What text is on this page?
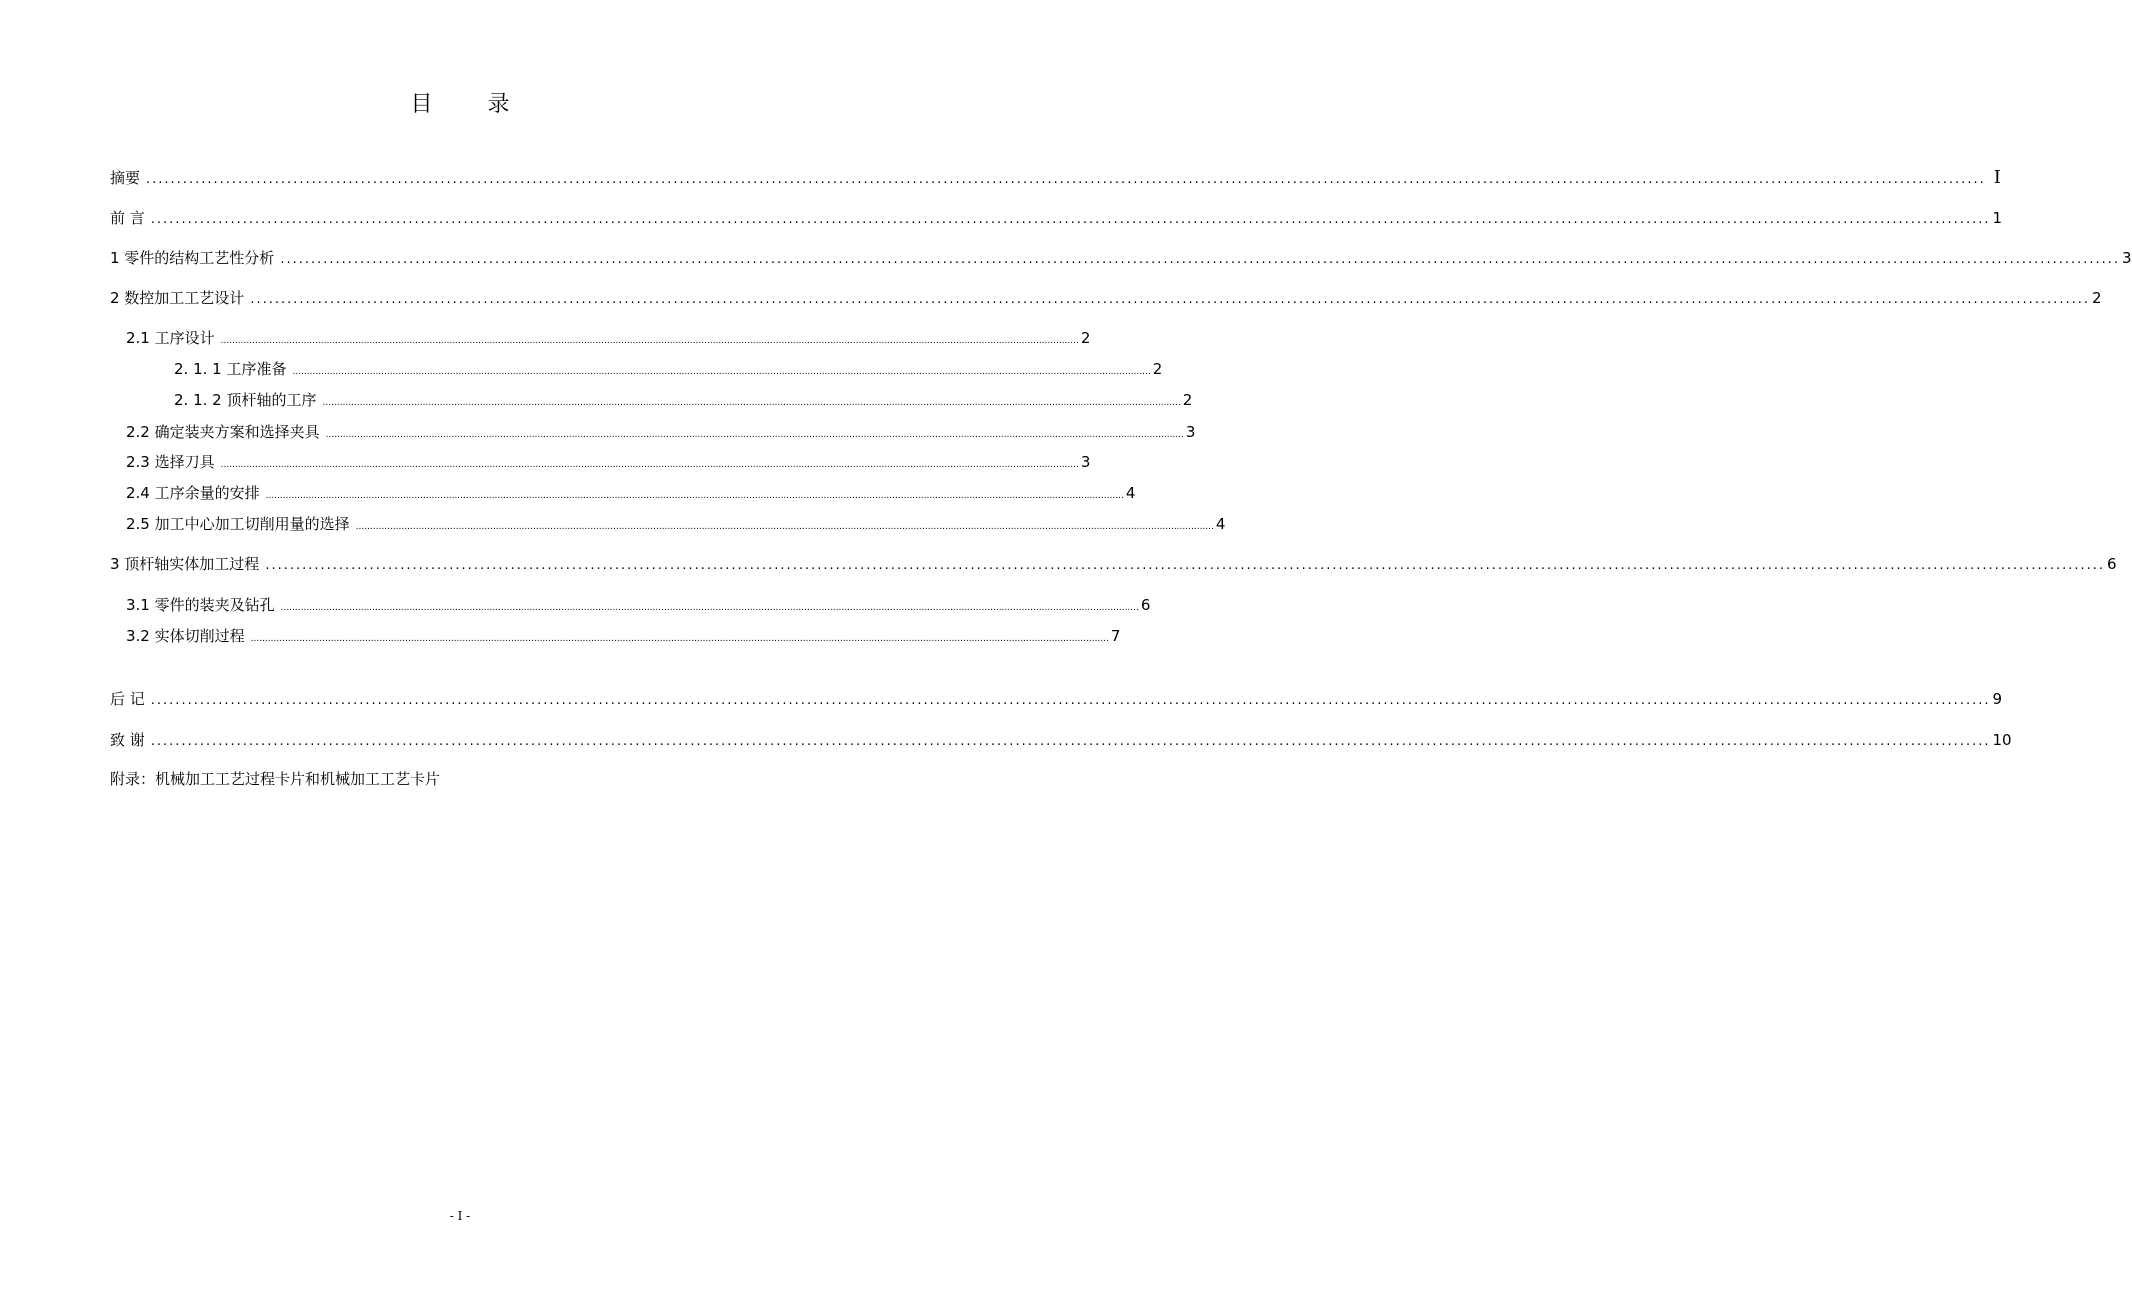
目 录
摘要 ............................................................................................................................................................................................................................................................................................................ I
前 言 ............................................................................................................................................................................................................................................................................................................ 1
1 零件的结构工艺性分析 ............................................................................................................................................................................................................................................................................................................ 3
2 数控加工工艺设计 ............................................................................................................................................................................................................................................................................................................ 2
2.1 工序设计 ............................................................................................................................................................................................................................................................................................................ 2
2. 1. 1 工序准备 ............................................................................................................................................................................................................................................................................................................ 2
2. 1. 2 顶杆轴的工序 ............................................................................................................................................................................................................................................................................................................ 2
2.2 确定装夹方案和选择夹具 ............................................................................................................................................................................................................................................................................................................ 3
2.3 选择刀具 ............................................................................................................................................................................................................................................................................................................ 3
2.4 工序余量的安排 ............................................................................................................................................................................................................................................................................................................ 4
2.5 加工中心加工切削用量的选择 ............................................................................................................................................................................................................................................................................................................ 4
3 顶杆轴实体加工过程 ............................................................................................................................................................................................................................................................................................................ 6
3.1 零件的装夹及钻孔 ............................................................................................................................................................................................................................................................................................................ 6
3.2 实体切削过程 ............................................................................................................................................................................................................................................................................................................ 7
后 记 ............................................................................................................................................................................................................................................................................................................ 9
致 谢 ............................................................................................................................................................................................................................................................................................................ 10
附录：机械加工工艺过程卡片和机械加工工艺卡片
- I -
